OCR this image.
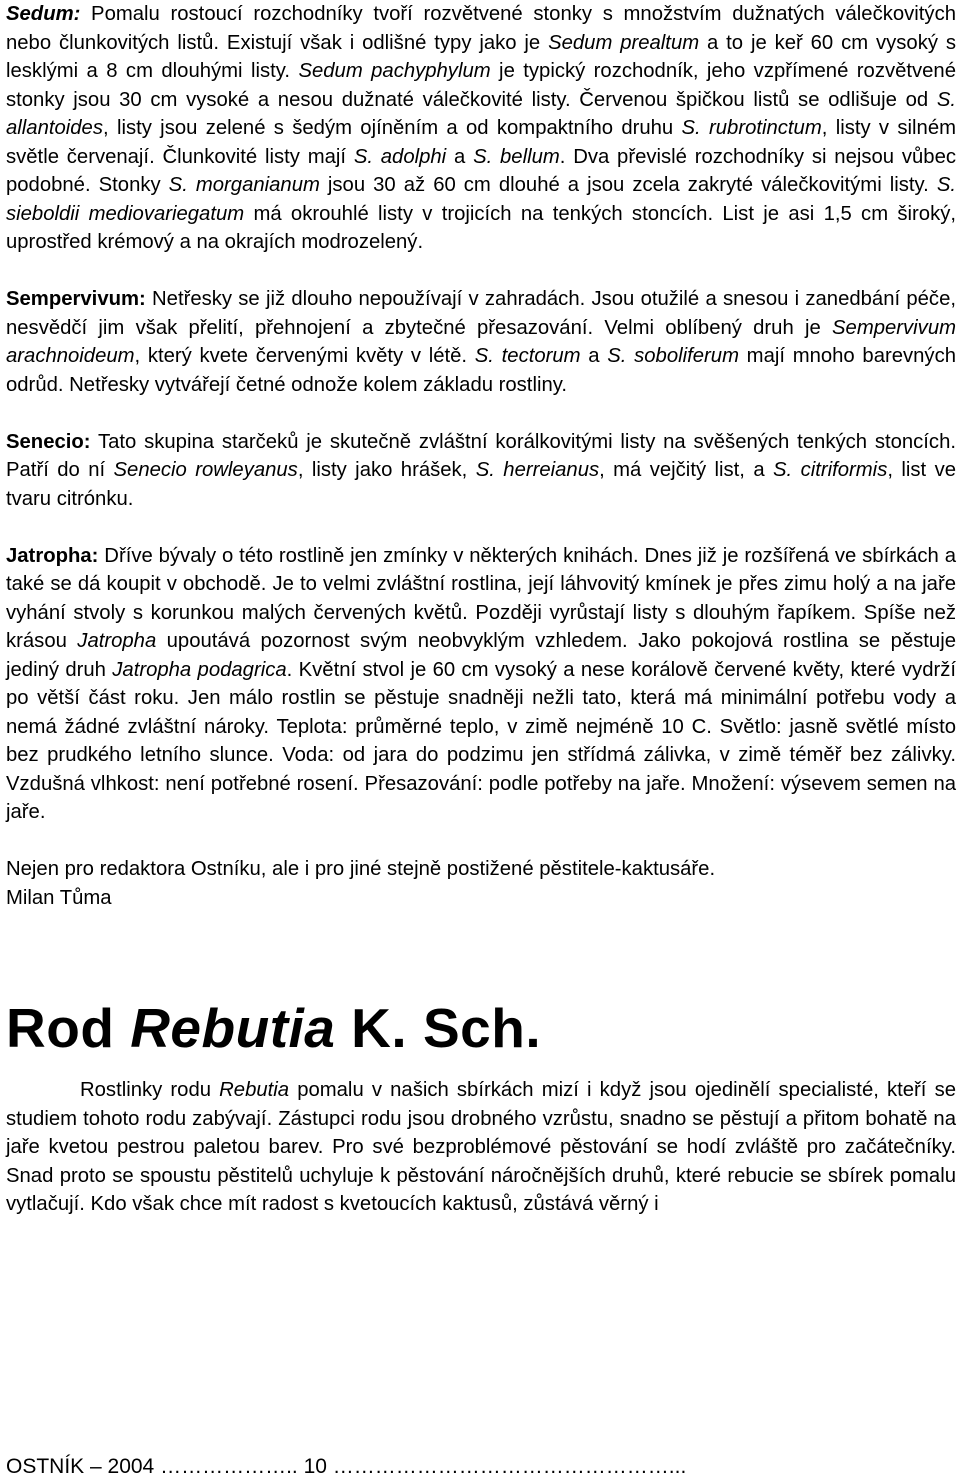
Sedum: Pomalu rostoucí rozchodníky tvoří rozvětvené stonky s množstvím dužnatých válečkovitých nebo člunkovitých listů. Existují však i odlišné typy jako je Sedum prealtum a to je keř 60 cm vysoký s lesklými a 8 cm dlouhými listy. Sedum pachyphylum je typický rozchodník, jeho vzpřímené rozvětvené stonky jsou 30 cm vysoké a nesou dužnaté válečkovité listy. Červenou špičkou listů se odlišuje od S. allantoides, listy jsou zelené s šedým ojíněním a od kompaktního druhu S. rubrotinctum, listy v silném světle červenají. Člunkovité listy mají S. adolphi a S. bellum. Dva převislé rozchodníky si nejsou vůbec podobné. Stonky S. morganianum jsou 30 až 60 cm dlouhé a jsou zcela zakryté válečkovitými listy. S. sieboldii mediovariegatum má okrouhlé listy v trojicích na tenkých stoncích. List je asi 1,5 cm široký, uprostřed krémový a na okrajích modrozelený.

Sempervivum: Netřesky se již dlouho nepoužívají v zahradách. Jsou otužilé a snesou i zanedbání péče, nesvědčí jim však přelití, přehnojení a zbytečné přesazování. Velmi oblíbený druh je Sempervivum arachnoideum, který kvete červenými květy v létě. S. tectorum a S. soboliferum mají mnoho barevných odrůd. Netřesky vytvářejí četné odnože kolem základu rostliny.

Senecio: Tato skupina starčeků je skutečně zvláštní korálkovitými listy na svěšených tenkých stoncích. Patří do ní Senecio rowleyanus, listy jako hrášek, S. herreianus, má vejčitý list, a S. citriformis, list ve tvaru citrónku.

Jatropha: Dříve bývaly o této rostlině jen zmínky v některých knihách. Dnes již je rozšířená ve sbírkách a také se dá koupit v obchodě. Je to velmi zvláštní rostlina, její láhvovitý kmínek je přes zimu holý a na jaře vyhání stvoly s korunkou malých červených květů. Později vyrůstají listy s dlouhým řapíkem. Spíše než krásou Jatropha upoutává pozornost svým neobvyklým vzhledem. Jako pokojová rostlina se pěstuje jediný druh Jatropha podagrica. Květní stvol je 60 cm vysoký a nese korálově červené květy, které vydrží po větší část roku. Jen málo rostlin se pěstuje snadněji nežli tato, která má minimální potřebu vody a nemá žádné zvláštní nároky. Teplota: průměrné teplo, v zimě nejméně 10 C. Světlo: jasně světlé místo bez prudkého letního slunce. Voda: od jara do podzimu jen střídmá zálivka, v zimě téměř bez zálivky. Vzdušná vlhkost: není potřebné rosení. Přesazování: podle potřeby na jaře. Množení: výsevem semen na jaře.

Nejen pro redaktora Ostníku, ale i pro jiné stejně postižené pěstitele-kaktusáře.

Milan Tůma

Rod Rebutia K. Sch.

Rostlinky rodu Rebutia pomalu v našich sbírkách mizí i když jsou ojedinělí specialisté, kteří se studiem tohoto rodu zabývají. Zástupci rodu jsou drobného vzrůstu, snadno se pěstují a přitom bohatě na jaře kvetou pestrou paletou barev. Pro své bezproblémové pěstování se hodí zvláště pro začátečníky. Snad proto se spoustu pěstitelů uchyluje k pěstování náročnějších druhů, které rebucie se sbírek pomalu vytlačují. Kdo však chce mít radost s kvetoucích kaktusů, zůstává věrný i

OSTNÍK – 2004 ……………….. 10 …………………………………………...
